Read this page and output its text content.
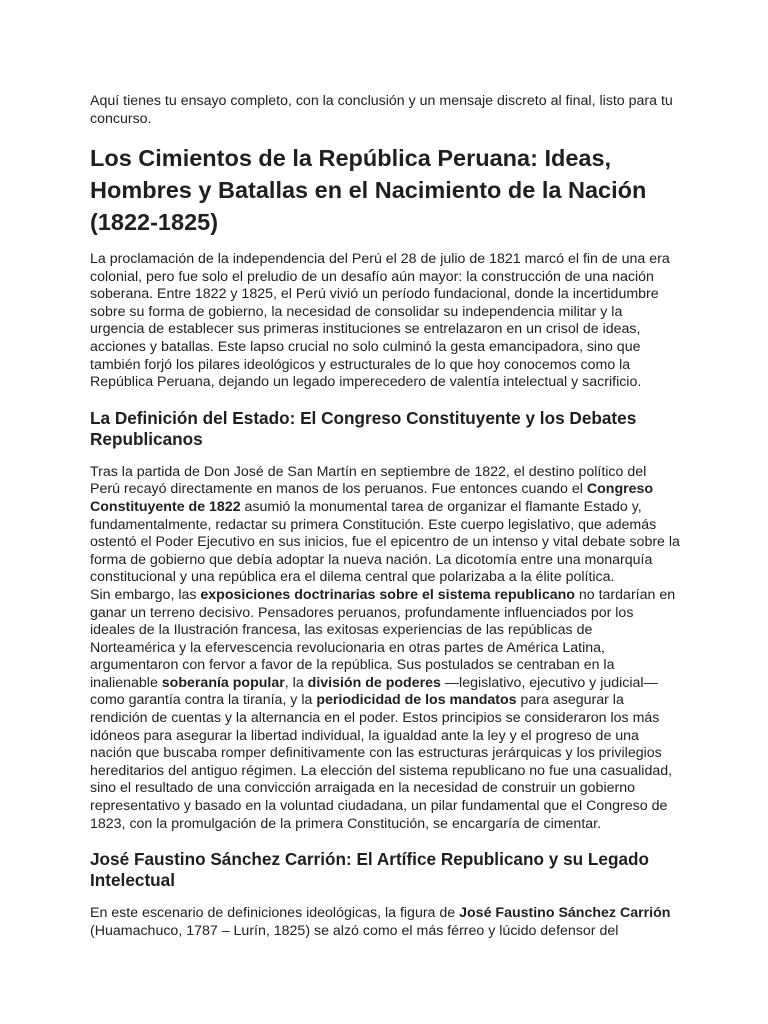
Aquí tienes tu ensayo completo, con la conclusión y un mensaje discreto al final, listo para tu concurso.

Los Cimientos de la República Peruana: Ideas, Hombres y Batallas en el Nacimiento de la Nación (1822-1825)

La proclamación de la independencia del Perú el 28 de julio de 1821 marcó el fin de una era colonial, pero fue solo el preludio de un desafío aún mayor: la construcción de una nación soberana. Entre 1822 y 1825, el Perú vivió un período fundacional, donde la incertidumbre sobre su forma de gobierno, la necesidad de consolidar su independencia militar y la urgencia de establecer sus primeras instituciones se entrelazaron en un crisol de ideas, acciones y batallas. Este lapso crucial no solo culminó la gesta emancipadora, sino que también forjó los pilares ideológicos y estructurales de lo que hoy conocemos como la República Peruana, dejando un legado imperecedero de valentía intelectual y sacrificio.

La Definición del Estado: El Congreso Constituyente y los Debates Republicanos

Tras la partida de Don José de San Martín en septiembre de 1822, el destino político del Perú recayó directamente en manos de los peruanos. Fue entonces cuando el Congreso Constituyente de 1822 asumió la monumental tarea de organizar el flamante Estado y, fundamentalmente, redactar su primera Constitución. Este cuerpo legislativo, que además ostentó el Poder Ejecutivo en sus inicios, fue el epicentro de un intenso y vital debate sobre la forma de gobierno que debía adoptar la nueva nación. La dicotomía entre una monarquía constitucional y una república era el dilema central que polarizaba a la élite política.

Sin embargo, las exposiciones doctrinarias sobre el sistema republicano no tardarían en ganar un terreno decisivo. Pensadores peruanos, profundamente influenciados por los ideales de la Ilustración francesa, las exitosas experiencias de las repúblicas de Norteamérica y la efervescencia revolucionaria en otras partes de América Latina, argumentaron con fervor a favor de la república. Sus postulados se centraban en la inalienable soberanía popular, la división de poderes —legislativo, ejecutivo y judicial— como garantía contra la tiranía, y la periodicidad de los mandatos para asegurar la rendición de cuentas y la alternancia en el poder. Estos principios se consideraron los más idóneos para asegurar la libertad individual, la igualdad ante la ley y el progreso de una nación que buscaba romper definitivamente con las estructuras jerárquicas y los privilegios hereditarios del antiguo régimen. La elección del sistema republicano no fue una casualidad, sino el resultado de una convicción arraigada en la necesidad de construir un gobierno representativo y basado en la voluntad ciudadana, un pilar fundamental que el Congreso de 1823, con la promulgación de la primera Constitución, se encargaría de cimentar.

José Faustino Sánchez Carrión: El Artífice Republicano y su Legado Intelectual

En este escenario de definiciones ideológicas, la figura de José Faustino Sánchez Carrión (Huamachuco, 1787 – Lurín, 1825) se alzó como el más férreo y lúcido defensor del
